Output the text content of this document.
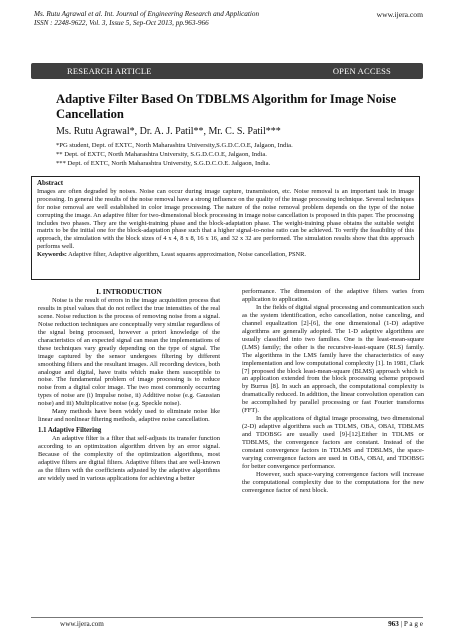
Ms. Rutu Agrawal et al. Int. Journal of Engineering Research and Application
ISSN : 2248-9622, Vol. 3, Issue 5, Sep-Oct 2013, pp.963-966
www.ijera.com
RESEARCH ARTICLE	OPEN ACCESS
Adaptive Filter Based On TDBLMS Algorithm for Image Noise Cancellation
Ms. Rutu Agrawal*, Dr. A. J. Patil**, Mr. C. S. Patil***
*PG student, Dept. of EXTC, North Maharashtra University,S.G.D.C.O.E, Jalgaon, India.
** Dept. of EXTC, North Maharashtra University, S.G.D.C.O.E, Jalgaon, India.
*** Dept. of EXTC, North Maharashtra University, S.G.D.C.O.E. Jalgaon, India.
Abstract
Images are often degraded by noises. Noise can occur during image capture, transmission, etc. Noise removal is an important task in image processing. In general the results of the noise removal have a strong influence on the quality of the image processing technique. Several techniques for noise removal are well established in color image processing. The nature of the noise removal problem depends on the type of the noise corrupting the image. An adaptive filter for two-dimensional block processing in image noise cancellation is proposed in this paper. The processing includes two phases. They are the weight-training phase and the block-adaptation phase. The weight-training phase obtains the suitable weight matrix to be the initial one for the block-adaptation phase such that a higher signal-to-noise ratio can be achieved. To verify the feasibility of this approach, the simulation with the block sizes of 4 x 4, 8 x 8, 16 x 16, and 32 x 32 are performed. The simulation results show that this approach performs well.
Keywords: Adaptive filter, Adaptive algorithm, Least squares approximation, Noise cancellation, PSNR.
I. INTRODUCTION

Noise is the result of errors in the image acquisition process that results in pixel values that do not reflect the true intensities of the real scene. Noise reduction is the process of removing noise from a signal. Noise reduction techniques are conceptually very similar regardless of the signal being processed, however a priori knowledge of the characteristics of an expected signal can mean the implementations of these techniques vary greatly depending on the type of signal. The image captured by the sensor undergoes filtering by different smoothing filters and the resultant images. All recording devices, both analogue and digital, have traits which make them susceptible to noise. The fundamental problem of image processing is to reduce noise from a digital color image. The two most commonly occurring types of noise are (i) Impulse noise, ii) Additive noise (e.g. Gaussian noise) and iii) Multiplicative noise (e.g. Speckle noise).

Many methods have been widely used to eliminate noise like linear and nonlinear filtering methods, adaptive noise cancellation.

1.1 Adaptive Filtering

An adaptive filter is a filter that self-adjusts its transfer function according to an optimization algorithm driven by an error signal. Because of the complexity of the optimization algorithms, most adaptive filters are digital filters. Adaptive filters that are well-known as the filters with the coefficients adjusted by the adaptive algorithms are widely used in various applications for achieving a better

performance. The dimension of the adaptive filters varies from application to application.

In the fields of digital signal processing and communication such as the system identification, echo cancellation, noise canceling, and channel equalization [2]-[6], the one dimensional (1-D) adaptive algorithms are generally adopted. The 1-D adaptive algorithms are usually classified into two families. One is the least-mean-square (LMS) family; the other is the recursive-least-square (RLS) family. The algorithms in the LMS family have the characteristics of easy implementation and low computational complexity [1]. In 1981, Clark [7] proposed the block least-mean-square (BLMS) approach which is an application extended from the block processing scheme proposed by Burrus [8]. In such an approach, the computational complexity is dramatically reduced. In addition, the linear convolution operation can be accomplished by parallel processing or fast Fourier transforms (FFT).

In the applications of digital image processing, two dimensional (2-D) adaptive algorithms such as TDLMS, OBA, OBAI, TDBLMS and TDOBSG are usually used [9]-[12].Either in TDLMS or TDBLMS, the convergence factors are constant. Instead of the constant convergence factors in TDLMS and TDBLMS, the space-varying convergence factors are used in OBA, OBAI, and TDOBSG for better convergence performance.

However, such space-varying convergence factors will increase the computational complexity due to the computations for the new convergence factor of next block.

www.ijera.com	963 | P a g e
